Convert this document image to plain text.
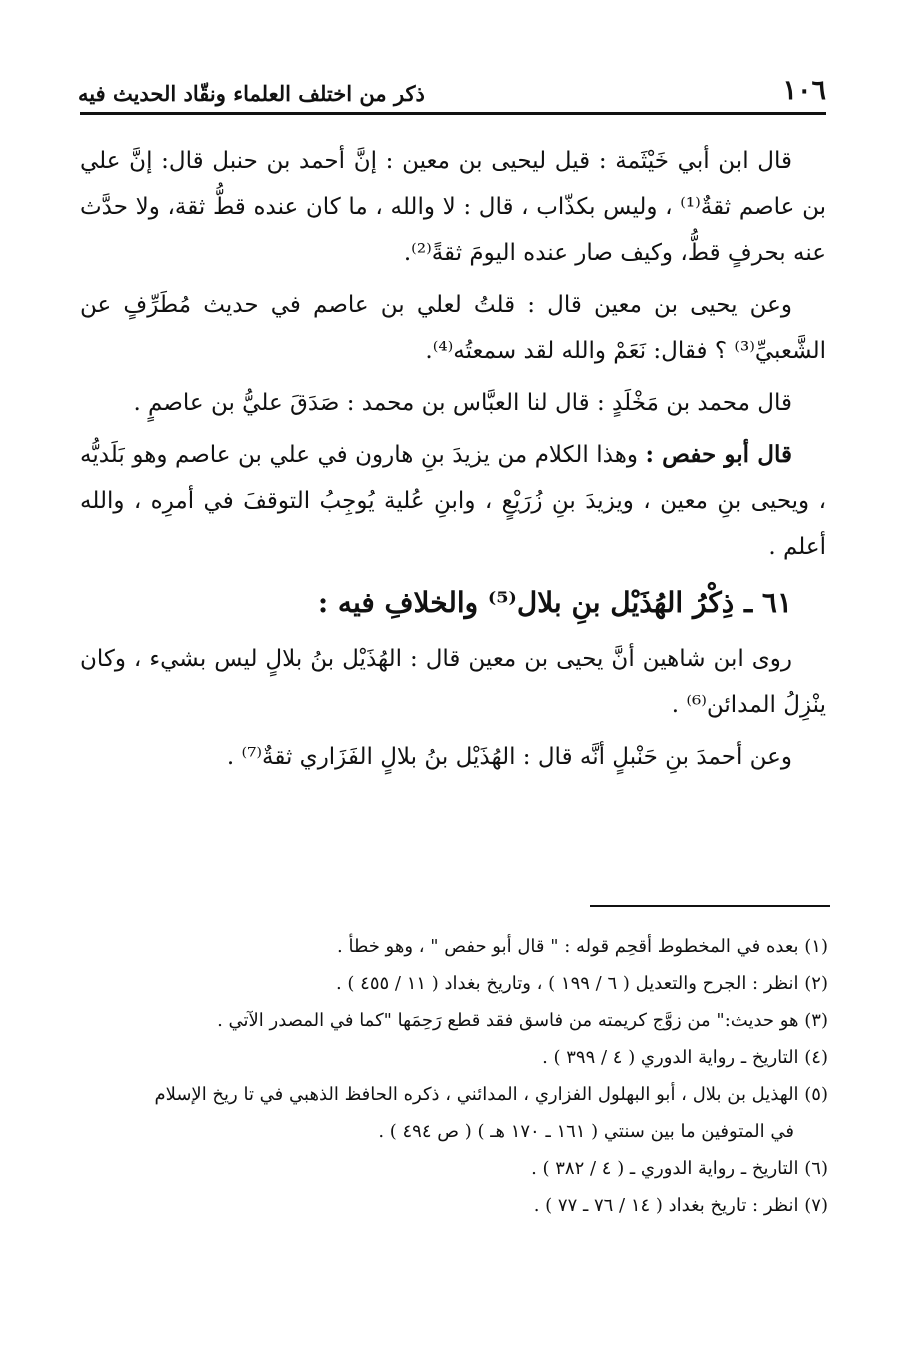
١٠٦
ذكر من اختلف العلماء ونقّاد الحديث فيه

قال ابن أبي خَيْثَمة : قيل ليحيى بن معين : إنَّ أحمد بن حنبل قال: إنَّ علي بن عاصم ثقةٌ⁽¹⁾ ، وليس بكذّاب ، قال : لا والله ، ما كان عنده قطُّ ثقة، ولا حدَّث عنه بحرفٍ قطُّ، وكيف صار عنده اليومَ ثقةً⁽²⁾.

وعن يحيى بن معين قال : قلتُ لعلي بن عاصم في حديث مُطَرِّفٍ عن الشَّعبيِّ⁽³⁾ ؟ فقال: نَعَمْ والله لقد سمعتُه⁽⁴⁾.

قال محمد بن مَخْلَدٍ : قال لنا العبَّاس بن محمد : صَدَقَ عليُّ بن عاصمٍ .

قال أبو حفص : وهذا الكلام من يزيدَ بنِ هارون في علي بن عاصم وهو بَلَديُّه ، ويحيى بنِ معين ، ويزيدَ بنِ زُرَيْعٍ ، وابنِ عُلية يُوجِبُ التوقفَ في أمرِه ، والله أعلم .

٦١ ـ ذِكْرُ الهُذَيْل بنِ بلال⁽⁵⁾ والخلافِ فيه :

روى ابن شاهين أنَّ يحيى بن معين قال : الهُذَيْل بنُ بلالٍ ليس بشيء ، وكان ينْزِلُ المدائن⁽⁶⁾ .

وعن أحمدَ بنِ حَنْبلٍ أنَّه قال : الهُذَيْل بنُ بلالٍ الفَزَاري ثقةٌ⁽⁷⁾ .

(١) بعده في المخطوط أقحِم قوله : " قال أبو حفص " ، وهو خطأ .
(٢) انظر : الجرح والتعديل ( ٦ / ١٩٩ ) ، وتاريخ بغداد ( ١١ / ٤٥٥ ) .
(٣) هو حديث:" من زوَّج كريمته من فاسق فقد قطع رَحِمَها "كما في المصدر الآتي .
(٤) التاريخ ـ رواية الدوري ( ٤ / ٣٩٩ ) .
(٥) الهذيل بن بلال ، أبو البهلول الفزاري ، المدائني ، ذكره الحافظ الذهبي في تا ريخ الإسلام
في المتوفين ما بين سنتي ( ١٦١ ـ ١٧٠ هـ ) ( ص ٤٩٤ ) .
(٦) التاريخ ـ رواية الدوري ـ ( ٤ / ٣٨٢ ) .
(٧) انظر : تاريخ بغداد ( ١٤ / ٧٦ ـ ٧٧ ) .
